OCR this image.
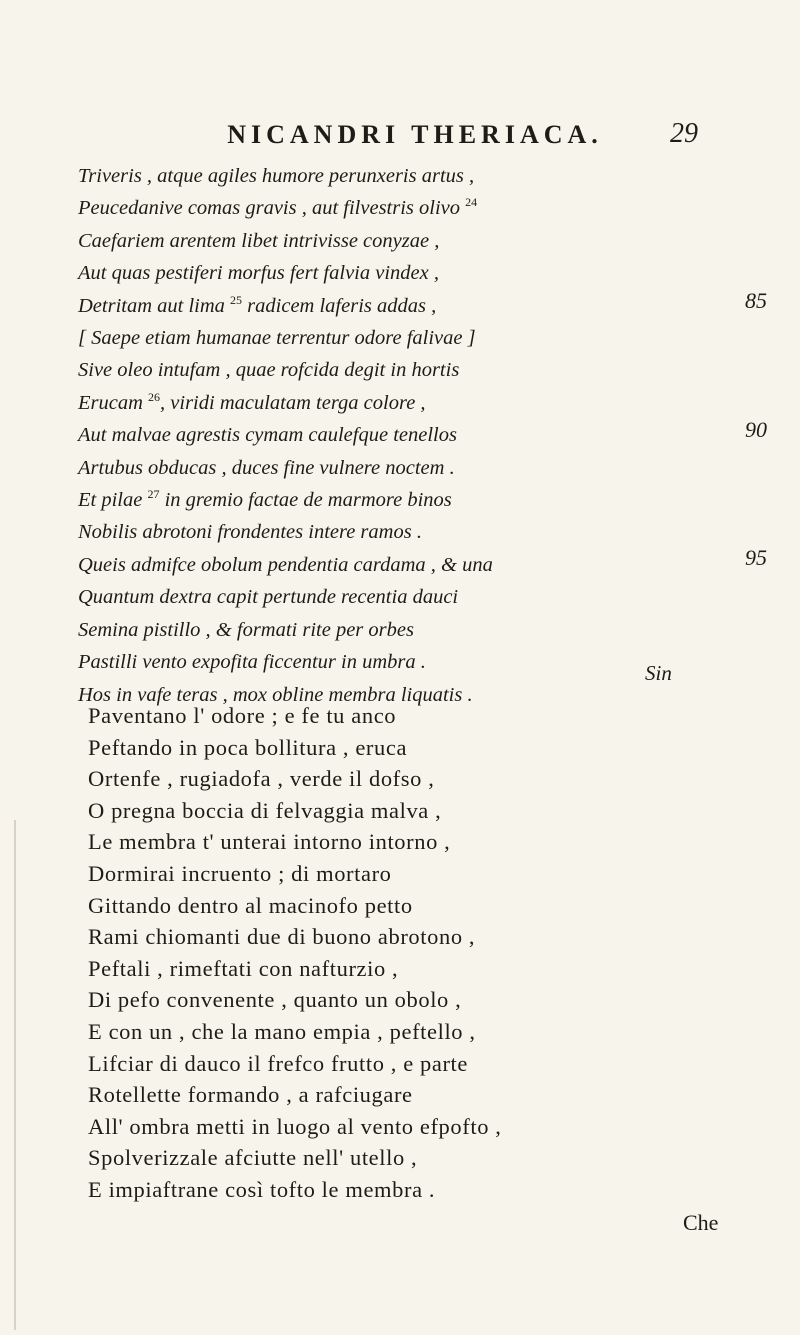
NICANDRI THERIACA.	29
Triveris , atque agiles humore perunxeris artus ,
Peucedanive comas gravis , aut filvestris olivo $^{24}$
Caefariem arentem libet intrivisse conyzae ,
Aut quas pestiferi morfus fert falvia vindex ,
Detritam aut lima $^{25}$ radicem laferis addas ,
[ Saepe etiam humanae terrentur odore falivae ]
Sive oleo intufam , quae rofcida degit in hortis
Erucam $^{26}$, viridi maculatam terga colore ,
Aut malvae agrestis cymam caulefque tenellos
Artubus obducas , duces fine vulnere noctem .
Et pilae $^{27}$ in gremio factae de marmore binos
Nobilis abrotoni frondentes intere ramos .
Queis admifce obolum pendentia cardama , & una
Quantum dextra capit pertunde recentia dauci
Semina pistillo , & formati rite per orbes
Pastilli vento expofita ficcentur in umbra .
Hos in vafe teras , mox obline membra liquatis .
Sin
85
90
95
Paventano l' odore ; e fe tu anco
Peftando in poca bollitura , eruca
Ortenfe , rugiadofa , verde il dofso ,
O pregna boccia di felvaggia malva ,
Le membra t' unterai intorno intorno ,
Dormirai incruento ; di mortaro
Gittando dentro al macinofo petto
Rami chiomanti due di buono abrotono ,
Peftali , rimeftati con nafturzio ,
Di pefo convenente , quanto un obolo ,
E con un , che la mano empia , peftello ,
Lifciar di dauco il frefco frutto , e parte
Rotellette formando , a rafciugare
All' ombra metti in luogo al vento efpofto ,
Spolverizzale afciutte nell' utello ,
E impiaftrane così tofto le membra .
Che
